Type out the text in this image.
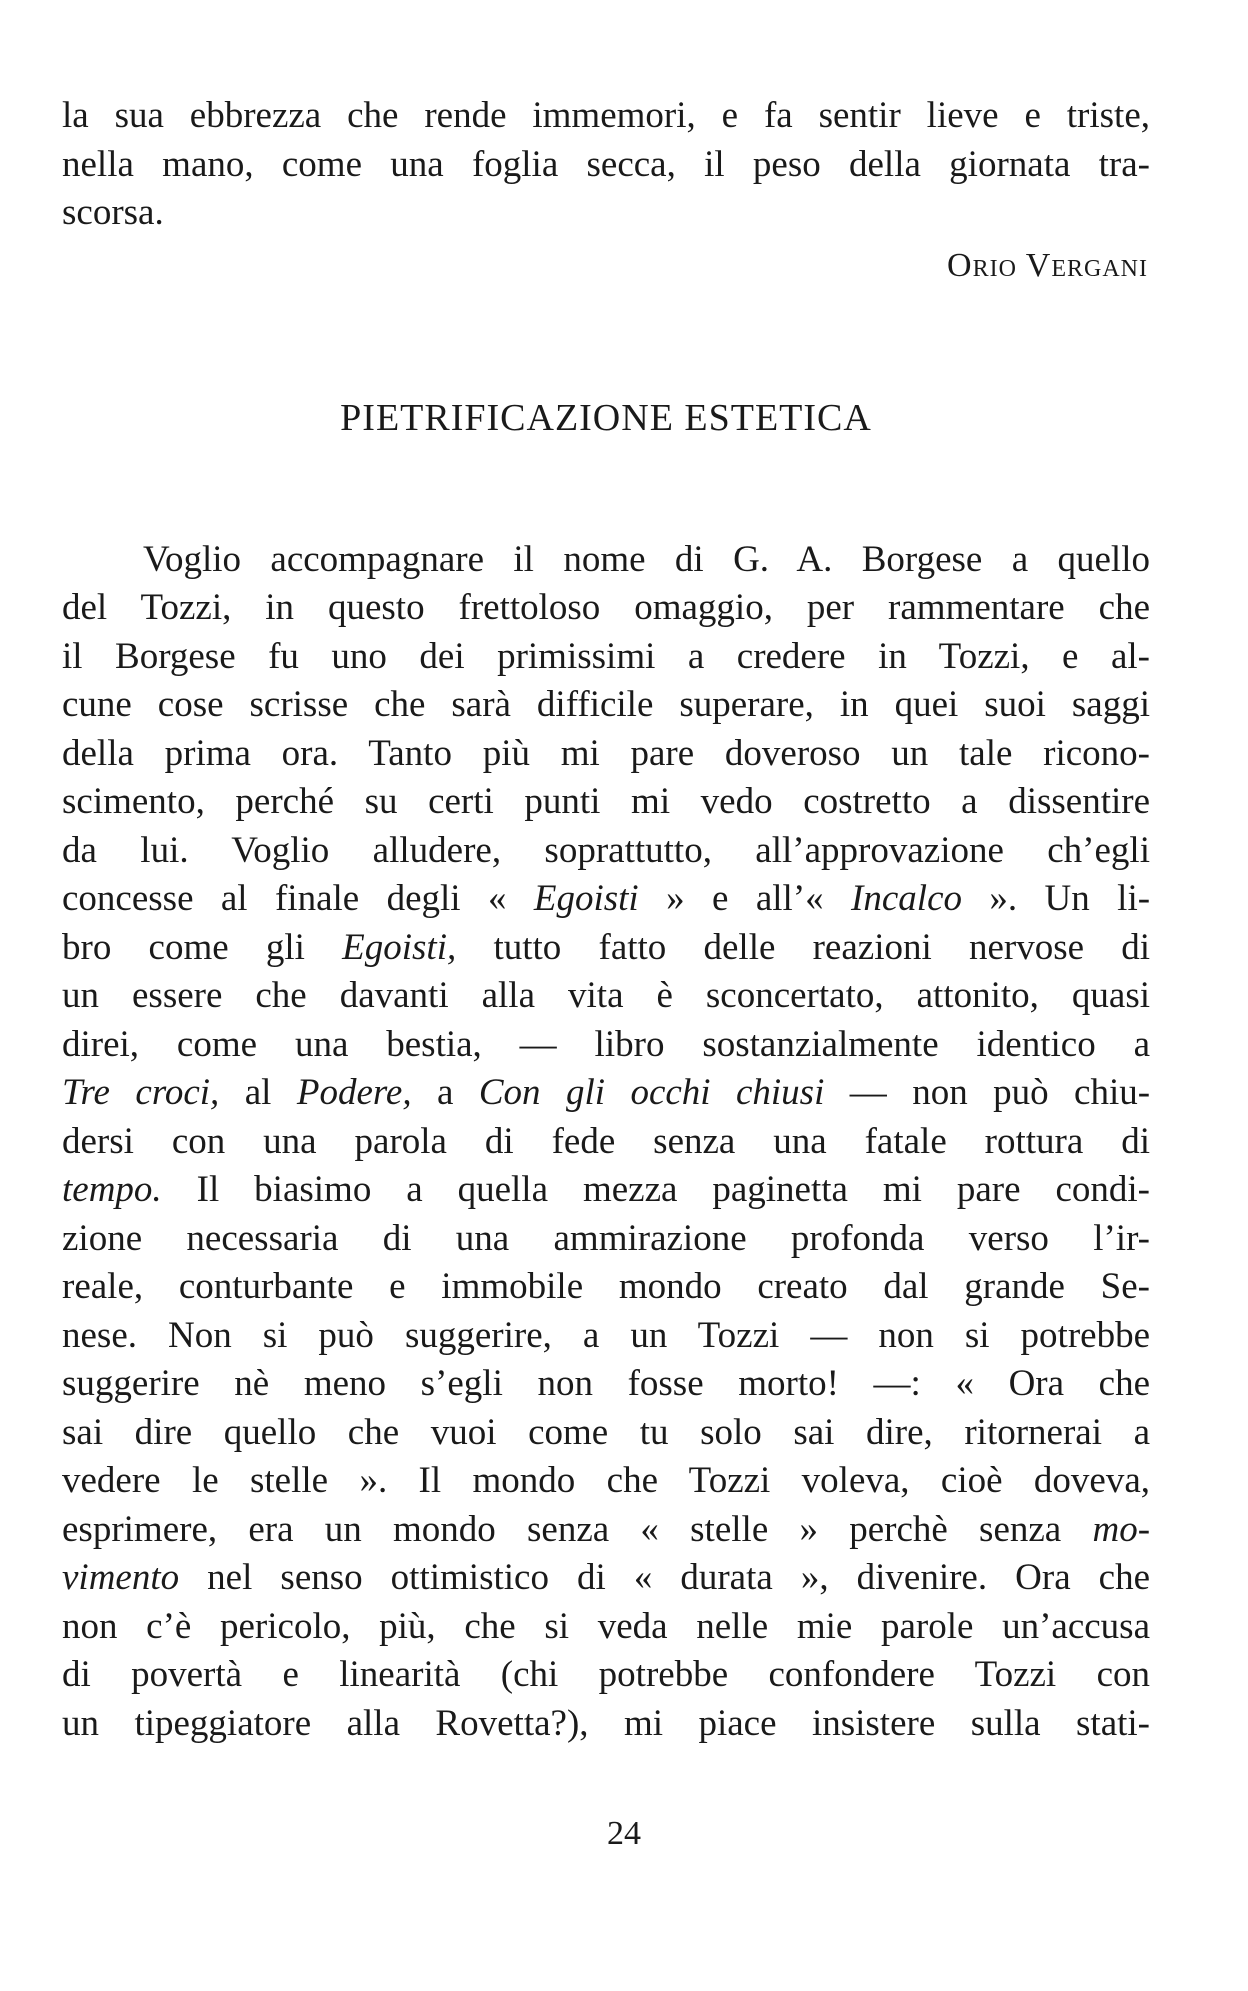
la sua ebbrezza che rende immemori, e fa sentir lieve e triste,
nella mano, come una foglia secca, il peso della giornata tra-
scorsa.
Orio Vergani
PIETRIFICAZIONE ESTETICA
Voglio accompagnare il nome di G. A. Borgese a quello
del Tozzi, in questo frettoloso omaggio, per rammentare che
il Borgese fu uno dei primissimi a credere in Tozzi, e al-
cune cose scrisse che sarà difficile superare, in quei suoi saggi
della prima ora. Tanto più mi pare doveroso un tale ricono-
scimento, perché su certi punti mi vedo costretto a dissentire
da lui. Voglio alludere, soprattutto, all’approvazione ch’egli
concesse al finale degli « Egoisti » e all’« Incalco ». Un li-
bro come gli Egoisti, tutto fatto delle reazioni nervose di
un essere che davanti alla vita è sconcertato, attonito, quasi
direi, come una bestia, — libro sostanzialmente identico a
Tre croci, al Podere, a Con gli occhi chiusi — non può chiu-
dersi con una parola di fede senza una fatale rottura di
tempo. Il biasimo a quella mezza paginetta mi pare condi-
zione necessaria di una ammirazione profonda verso l’ir-
reale, conturbante e immobile mondo creato dal grande Se-
nese. Non si può suggerire, a un Tozzi — non si potrebbe
suggerire nè meno s’egli non fosse morto! —: « Ora che
sai dire quello che vuoi come tu solo sai dire, ritornerai a
vedere le stelle ». Il mondo che Tozzi voleva, cioè doveva,
esprimere, era un mondo senza « stelle » perchè senza mo-
vimento nel senso ottimistico di « durata », divenire. Ora che
non c’è pericolo, più, che si veda nelle mie parole un’accusa
di povertà e linearità (chi potrebbe confondere Tozzi con
un tipeggiatore alla Rovetta?), mi piace insistere sulla stati-
24
